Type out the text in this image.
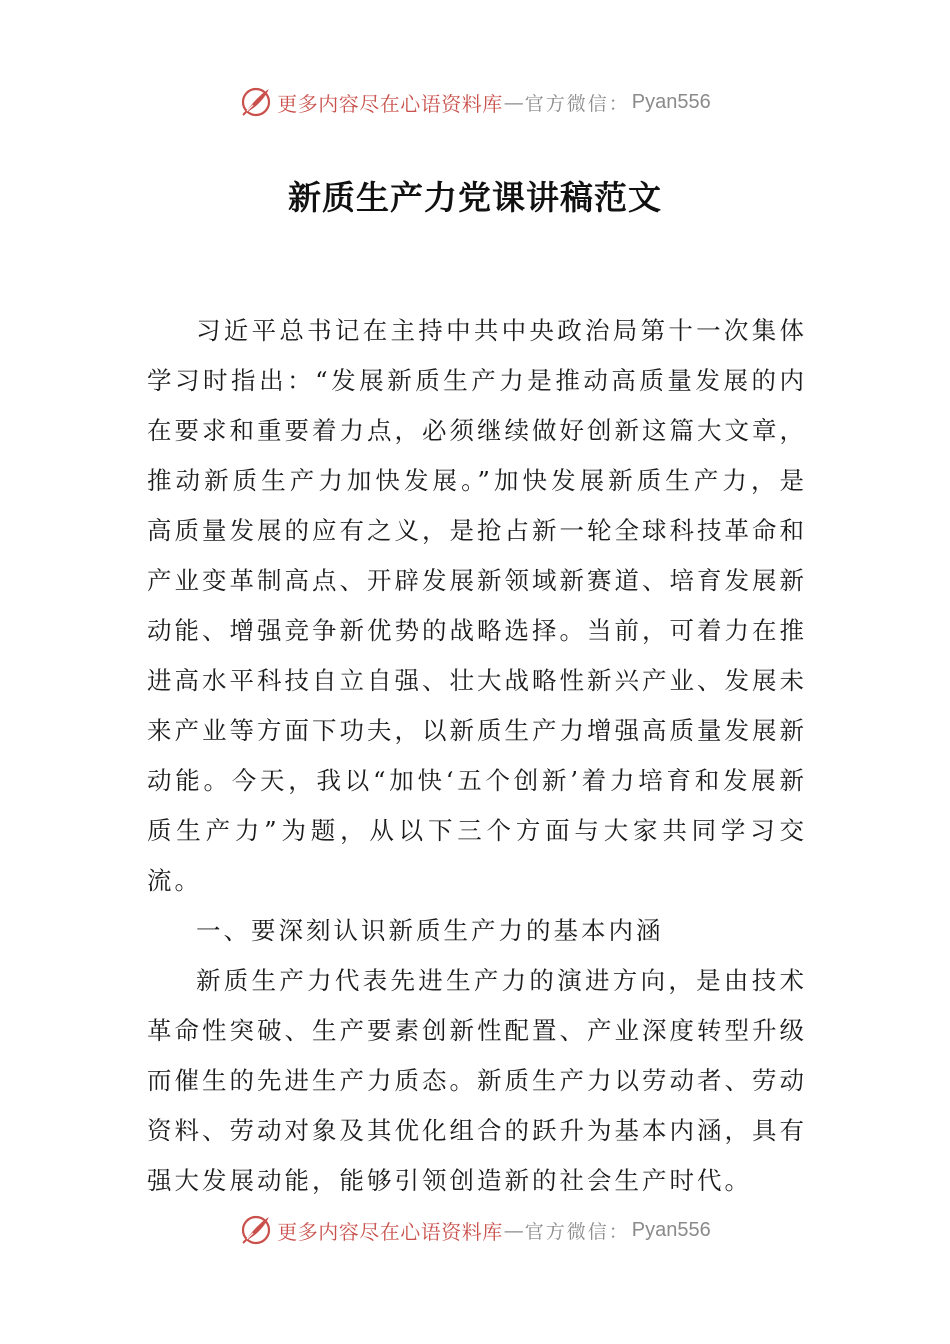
更多内容尽在心语资料库 — 官方微信： Pyan556
新质生产力党课讲稿范文

习近平总书记在主持中共中央政治局第十一次集体学习时指出：“发展新质生产力是推动高质量发展的内在要求和重要着力点，必须继续做好创新这篇大文章，推动新质生产力加快发展。”加快发展新质生产力，是高质量发展的应有之义，是抢占新一轮全球科技革命和产业变革制高点、开辟发展新领域新赛道、培育发展新动能、增强竞争新优势的战略选择。当前，可着力在推进高水平科技自立自强、壮大战略性新兴产业、发展未来产业等方面下功夫，以新质生产力增强高质量发展新动能。今天，我以“加快‘五个创新’着力培育和发展新质生产力”为题，从以下三个方面与大家共同学习交流。

一、要深刻认识新质生产力的基本内涵

新质生产力代表先进生产力的演进方向，是由技术革命性突破、生产要素创新性配置、产业深度转型升级而催生的先进生产力质态。新质生产力以劳动者、劳动资料、劳动对象及其优化组合的跃升为基本内涵，具有强大发展动能，能够引领创造新的社会生产时代。

更多内容尽在心语资料库 — 官方微信： Pyan556
